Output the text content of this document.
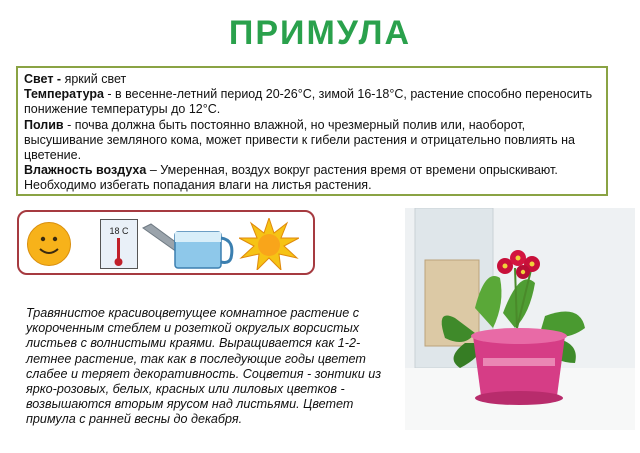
ПРИМУЛА

Свет - яркий свет

Температура - в весенне-летний период 20-26°C, зимой 16-18°C, растение способно переносить понижение температуры до 12°C.

Полив - почва должна быть постоянно влажной, но чрезмерный полив или, наоборот, высушивание земляного кома, может привести к гибели растения и отрицательно повлиять на цветение.

Влажность воздуха – Умеренная, воздух вокруг растения время от времени опрыскивают. Необходимо избегать попадания влаги на листья растения.

18 C
Травянистое красивоцветущее комнатное растение с укороченным стеблем и розеткой округлых ворсистых листьев с волнистыми краями. Выращивается как 1-2-летнее растение, так как в последующие годы цветет слабее и теряет декоративность. Соцветия - зонтики из ярко-розовых, белых, красных или лиловых цветков - возвышаются вторым ярусом над листьями. Цветет примула с ранней весны до декабря.
